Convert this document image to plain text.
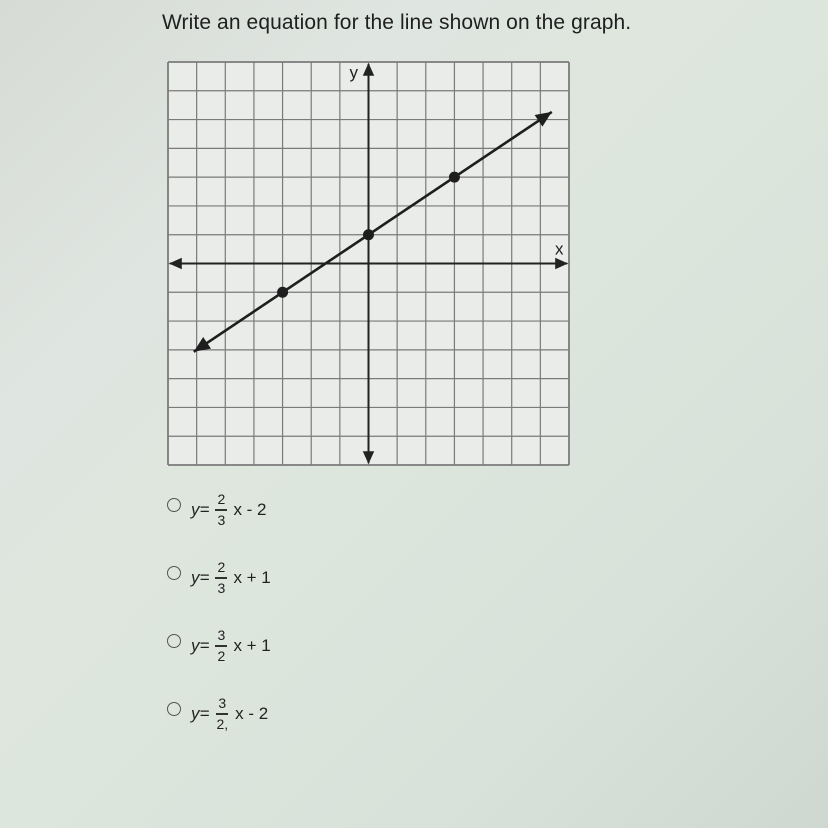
Write an equation for the line shown on the graph.
x
y
$y= \frac{2}{3}$ x - 2
$y= \frac{2}{3}$ x + 1
$y= \frac{3}{2}$ x + 1
$y= \frac{3}{2,}$ x - 2
